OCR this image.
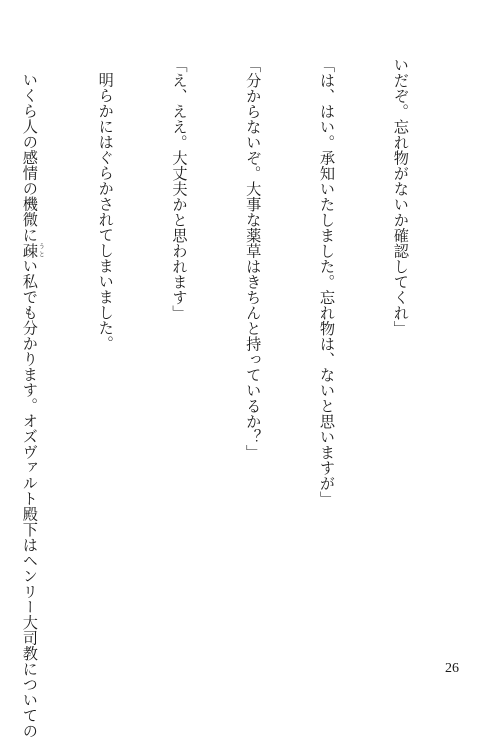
いだぞ。忘れ物がないか確認してくれ」

「は、はい。承知いたしました。忘れ物は、ないと思いますが」

「分からないぞ。大事な薬草はきちんと持っているか？」

「え、ええ。大丈夫かと思われます」

明らかにはぐらかされてしまいました。

いくら人の感情の機微に疎うとい私でも分かります。オズヴァルト殿下はヘンリー大司教についての

	26
